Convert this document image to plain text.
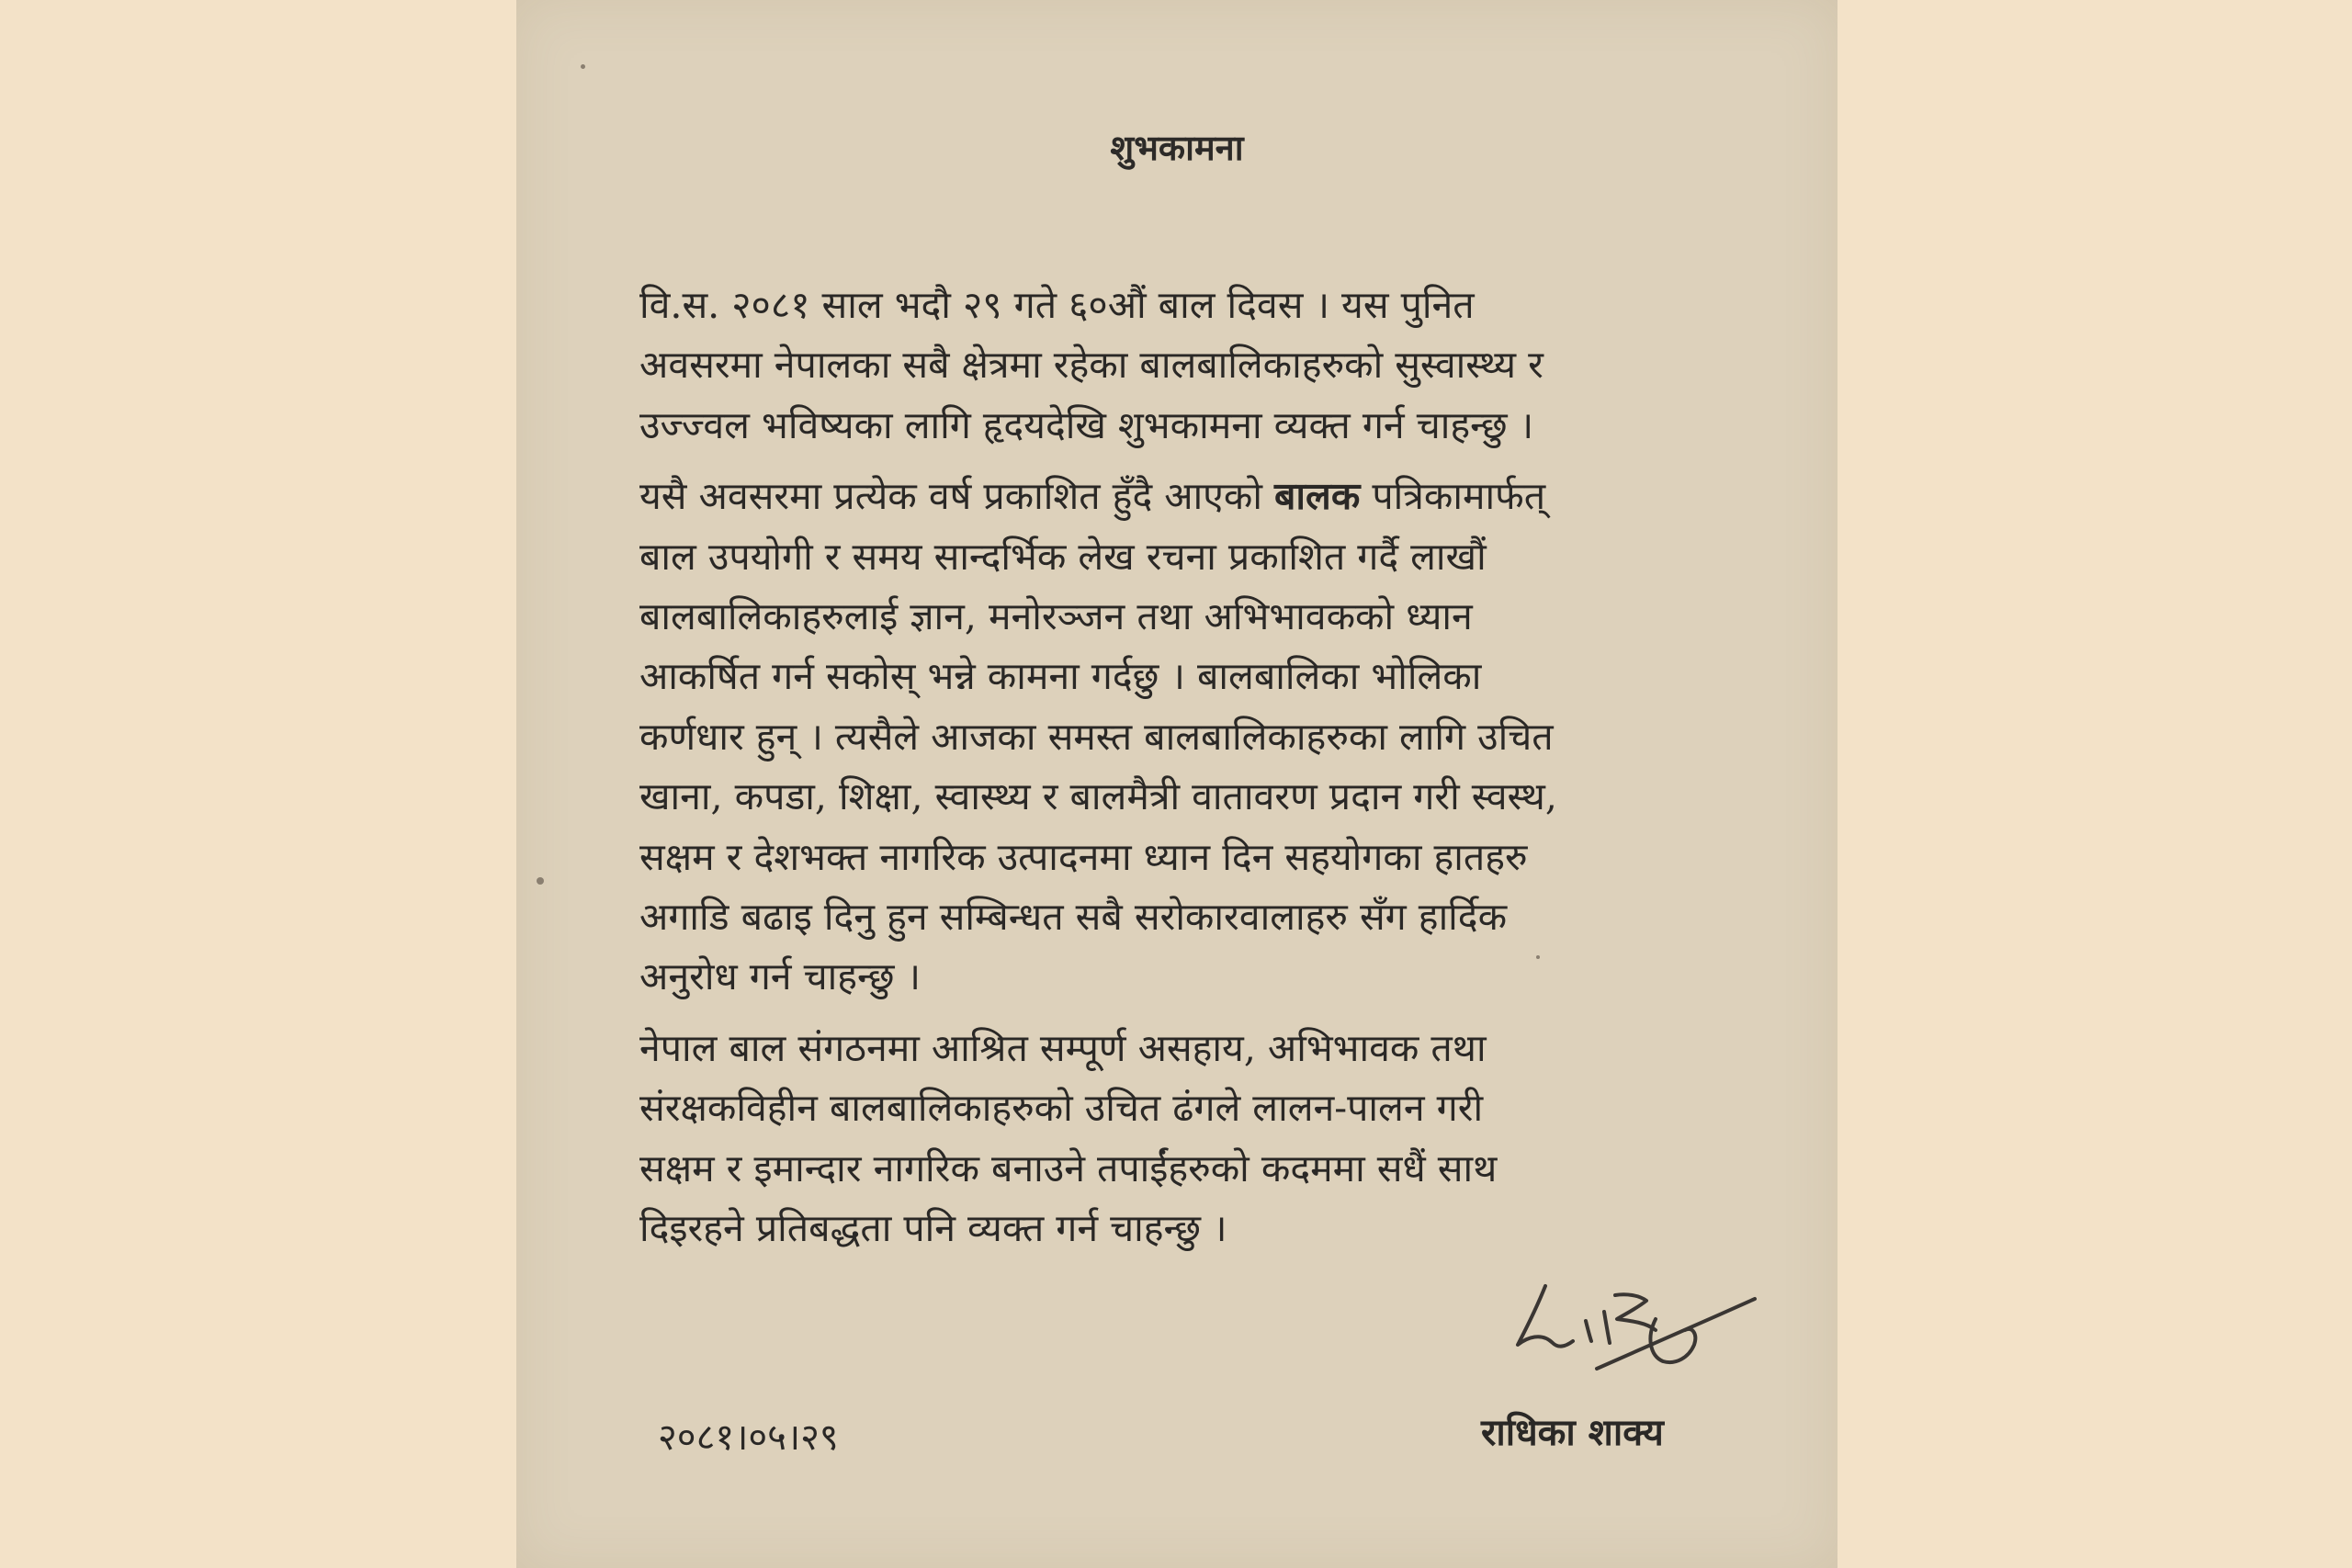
शुभकामना

वि.स. २०८१ साल भदौ २९ गते ६०औं बाल दिवस । यस पुनित
अवसरमा नेपालका सबै क्षेत्रमा रहेका बालबालिकाहरुको सुस्वास्थ्य र
उज्ज्वल भविष्यका लागि हृदयदेखि शुभकामना व्यक्त गर्न चाहन्छु ।

यसै अवसरमा प्रत्येक वर्ष प्रकाशित हुँदै आएको बालक पत्रिकामार्फत्
बाल उपयोगी र समय सान्दर्भिक लेख रचना प्रकाशित गर्दै लाखौं
बालबालिकाहरुलाई ज्ञान, मनोरञ्जन तथा अभिभावकको ध्यान
आकर्षित गर्न सकोस् भन्ने कामना गर्दछु । बालबालिका भोलिका
कर्णधार हुन् । त्यसैले आजका समस्त बालबालिकाहरुका लागि उचित
खाना, कपडा, शिक्षा, स्वास्थ्य र बालमैत्री वातावरण प्रदान गरी स्वस्थ,
सक्षम र देशभक्त नागरिक उत्पादनमा ध्यान दिन सहयोगका हातहरु
अगाडि बढाइ दिनु हुन सम्बिन्धत सबै सरोकारवालाहरु सँग हार्दिक
अनुरोध गर्न चाहन्छु ।

नेपाल बाल संगठनमा आश्रित सम्पूर्ण असहाय, अभिभावक तथा
संरक्षकविहीन बालबालिकाहरुको उचित ढंगले लालन-पालन गरी
सक्षम र इमान्दार नागरिक बनाउने तपाईंहरुको कदममा सधैं साथ
दिइरहने प्रतिबद्धता पनि व्यक्त गर्न चाहन्छु ।

२०८१।०५।२९	राधिका शाक्य
